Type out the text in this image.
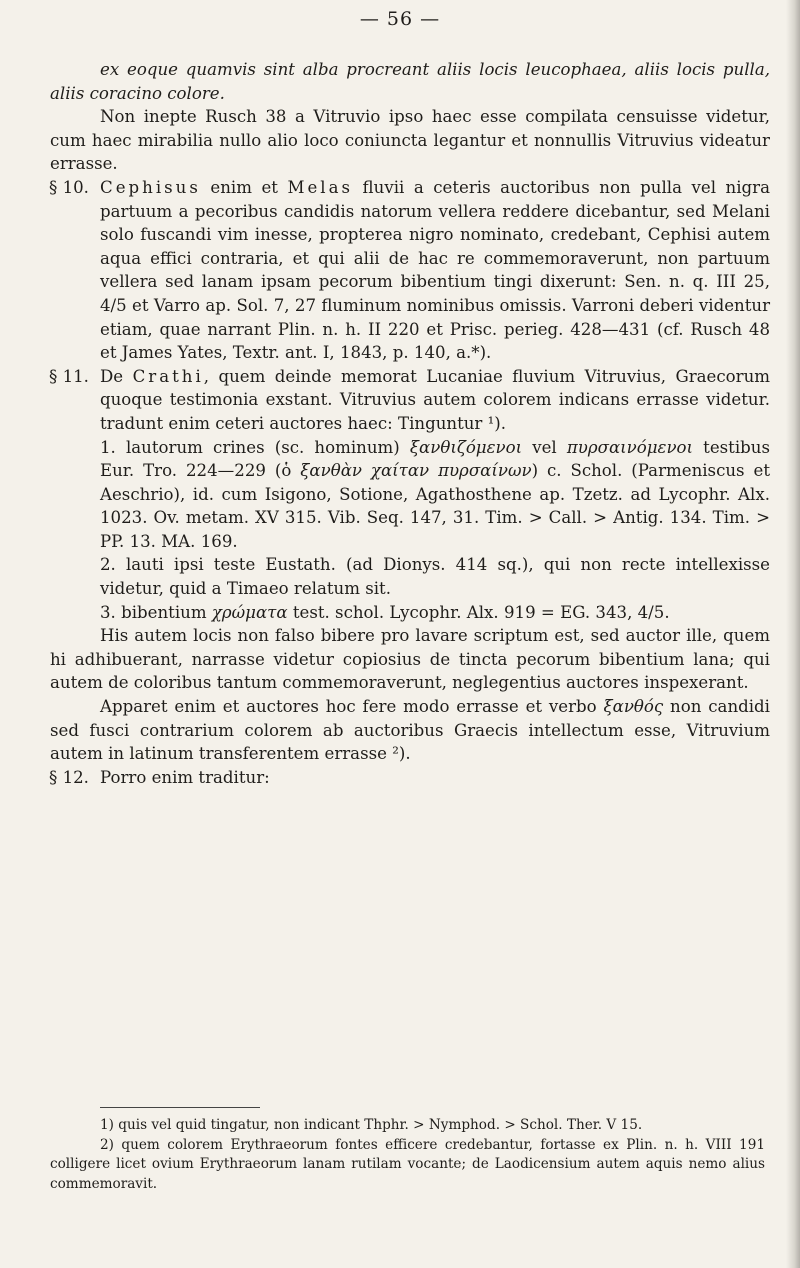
— 56 —

ex eoque quamvis sint alba procreant aliis locis leucophaea, aliis locis pulla, aliis coracino colore.

Non inepte Rusch 38 a Vitruvio ipso haec esse compilata censuisse videtur, cum haec mirabilia nullo alio loco coniuncta legantur et nonnullis Vitruvius videatur errasse.

§ 10. Cephisus enim et Melas fluvii a ceteris auctoribus non pulla vel nigra partuum a pecoribus candidis natorum vellera reddere dicebantur, sed Melani solo fuscandi vim inesse, propterea nigro nominato, credebant, Cephisi autem aqua effici contraria, et qui alii de hac re commemoraverunt, non partuum vellera sed lanam ipsam pecorum bibentium tingi dixerunt: Sen. n. q. III 25, 4/5 et Varro ap. Sol. 7, 27 fluminum nominibus omissis. Varroni deberi videntur etiam, quae narrant Plin. n. h. II 220 et Prisc. perieg. 428—431 (cf. Rusch 48 et James Yates, Textr. ant. I, 1843, p. 140, a.*).

§ 11. De Crathi, quem deinde memorat Lucaniae fluvium Vitruvius, Graecorum quoque testimonia exstant. Vitruvius autem colorem indicans errasse videtur. tradunt enim ceteri auctores haec: Tinguntur ¹).

1. lautorum crines (sc. hominum) ξανθιζόμενοι vel πυρσαινόμενοι testibus Eur. Tro. 224—229 (ὁ ξανθὰν χαίταν πυρσαίνων) c. Schol. (Parmeniscus et Aeschrio), id. cum Isigono, Sotione, Agathosthene ap. Tzetz. ad Lycophr. Alx. 1023. Ov. metam. XV 315. Vib. Seq. 147, 31. Tim. > Call. > Antig. 134. Tim. > PP. 13. MA. 169.

2. lauti ipsi teste Eustath. (ad Dionys. 414 sq.), qui non recte intellexisse videtur, quid a Timaeo relatum sit.

3. bibentium χρώματα test. schol. Lycophr. Alx. 919 = EG. 343, 4/5.

His autem locis non falso bibere pro lavare scriptum est, sed auctor ille, quem hi adhibuerant, narrasse videtur copiosius de tincta pecorum bibentium lana; qui autem de coloribus tantum commemoraverunt, neglegentius auctores inspexerant.

Apparet enim et auctores hoc fere modo errasse et verbo ξανθός non candidi sed fusci contrarium colorem ab auctoribus Graecis intellectum esse, Vitruvium autem in latinum transferentem errasse ²).

§ 12. Porro enim traditur:

1) quis vel quid tingatur, non indicant Thphr. > Nymphod. > Schol. Ther. V 15.

2) quem colorem Erythraeorum fontes efficere credebantur, fortasse ex Plin. n. h. VIII 191 colligere licet ovium Erythraeorum lanam rutilam vocante; de Laodicensium autem aquis nemo alius commemoravit.
